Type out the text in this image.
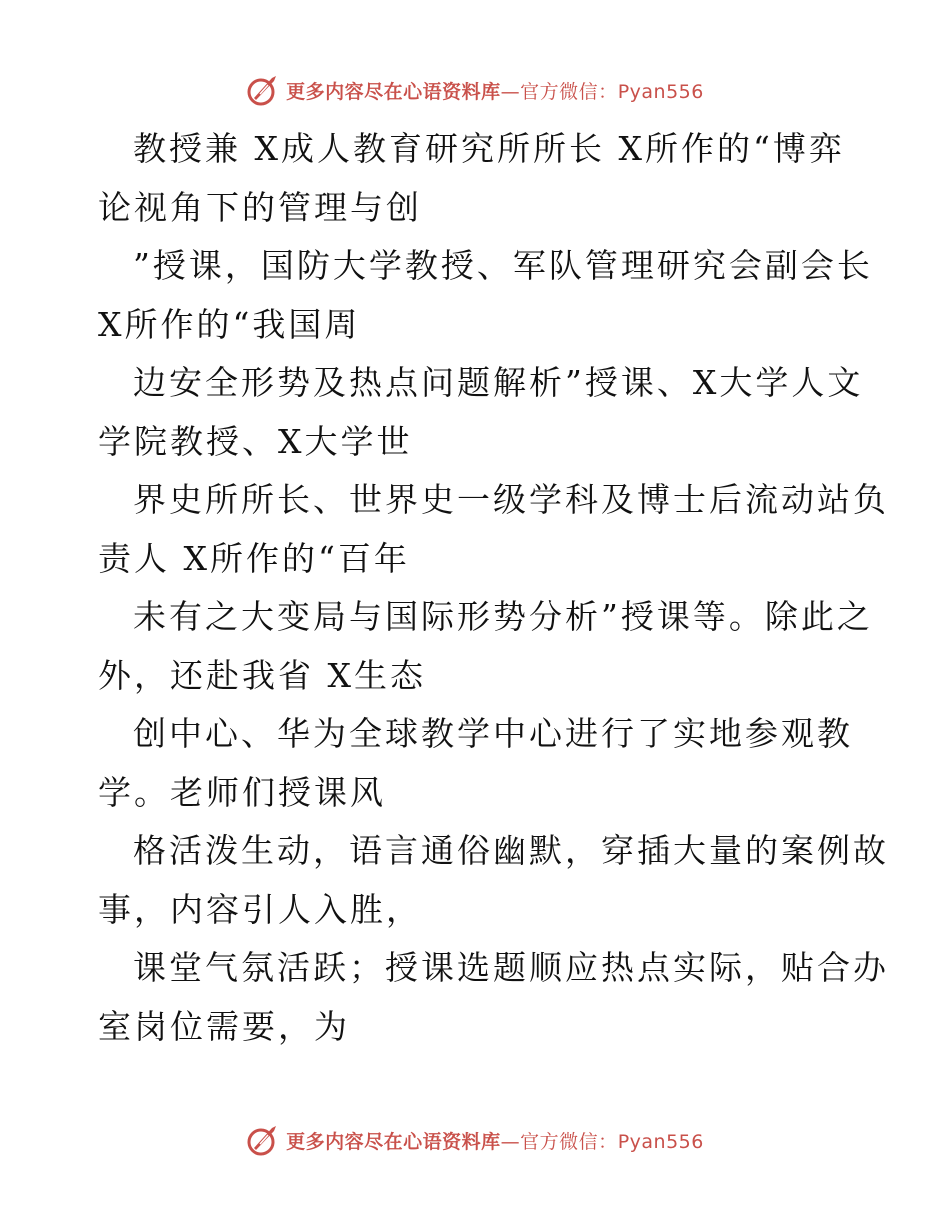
更多内容尽在心语资料库—官方微信：Pyan556
教授兼 X成人教育研究所所长 X所作的“博弈
论视角下的管理与创
”授课，国防大学教授、军队管理研究会副会长
X所作的“我国周
边安全形势及热点问题解析”授课、X大学人文
学院教授、X大学世
界史所所长、世界史一级学科及博士后流动站负
责人 X所作的“百年
未有之大变局与国际形势分析”授课等。除此之
外，还赴我省 X生态
创中心、华为全球教学中心进行了实地参观教
学。老师们授课风
格活泼生动，语言通俗幽默，穿插大量的案例故
事，内容引人入胜，
课堂气氛活跃；授课选题顺应热点实际，贴合办
室岗位需要，为
更多内容尽在心语资料库—官方微信：Pyan556
